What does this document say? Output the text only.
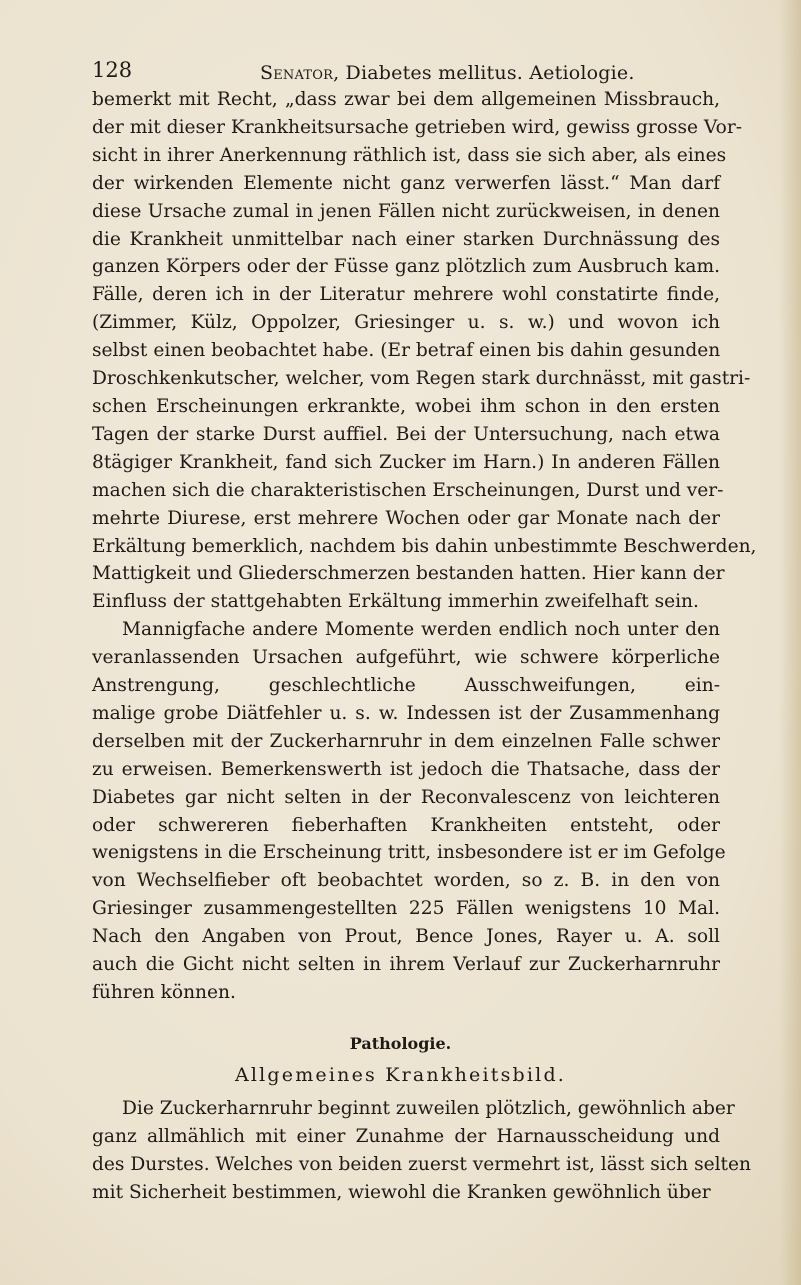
128	Senator, Diabetes mellitus. Aetiologie.
bemerkt mit Recht, „dass zwar bei dem allgemeinen Missbrauch,
der mit dieser Krankheitsursache getrieben wird, gewiss grosse Vor-
sicht in ihrer Anerkennung räthlich ist, dass sie sich aber, als eines
der wirkenden Elemente nicht ganz verwerfen lässt.“ Man darf
diese Ursache zumal in jenen Fällen nicht zurückweisen, in denen
die Krankheit unmittelbar nach einer starken Durchnässung des
ganzen Körpers oder der Füsse ganz plötzlich zum Ausbruch kam.
Fälle, deren ich in der Literatur mehrere wohl constatirte finde,
(Zimmer, Külz, Oppolzer, Griesinger u. s. w.) und wovon ich
selbst einen beobachtet habe. (Er betraf einen bis dahin gesunden
Droschkenkutscher, welcher, vom Regen stark durchnässt, mit gastri-
schen Erscheinungen erkrankte, wobei ihm schon in den ersten
Tagen der starke Durst auffiel. Bei der Untersuchung, nach etwa
8tägiger Krankheit, fand sich Zucker im Harn.) In anderen Fällen
machen sich die charakteristischen Erscheinungen, Durst und ver-
mehrte Diurese, erst mehrere Wochen oder gar Monate nach der
Erkältung bemerklich, nachdem bis dahin unbestimmte Beschwerden,
Mattigkeit und Gliederschmerzen bestanden hatten. Hier kann der
Einfluss der stattgehabten Erkältung immerhin zweifelhaft sein.
Mannigfache andere Momente werden endlich noch unter den
veranlassenden Ursachen aufgeführt, wie schwere körperliche
Anstrengung, geschlechtliche Ausschweifungen, ein-
malige grobe Diätfehler u. s. w. Indessen ist der Zusammenhang
derselben mit der Zuckerharnruhr in dem einzelnen Falle schwer
zu erweisen. Bemerkenswerth ist jedoch die Thatsache, dass der
Diabetes gar nicht selten in der Reconvalescenz von leichteren
oder schwereren fieberhaften Krankheiten entsteht, oder
wenigstens in die Erscheinung tritt, insbesondere ist er im Gefolge
von Wechselfieber oft beobachtet worden, so z. B. in den von
Griesinger zusammengestellten 225 Fällen wenigstens 10 Mal.
Nach den Angaben von Prout, Bence Jones, Rayer u. A. soll
auch die Gicht nicht selten in ihrem Verlauf zur Zuckerharnruhr
führen können.
Pathologie.
Allgemeines Krankheitsbild.
Die Zuckerharnruhr beginnt zuweilen plötzlich, gewöhnlich aber
ganz allmählich mit einer Zunahme der Harnausscheidung und
des Durstes. Welches von beiden zuerst vermehrt ist, lässt sich selten
mit Sicherheit bestimmen, wiewohl die Kranken gewöhnlich über
